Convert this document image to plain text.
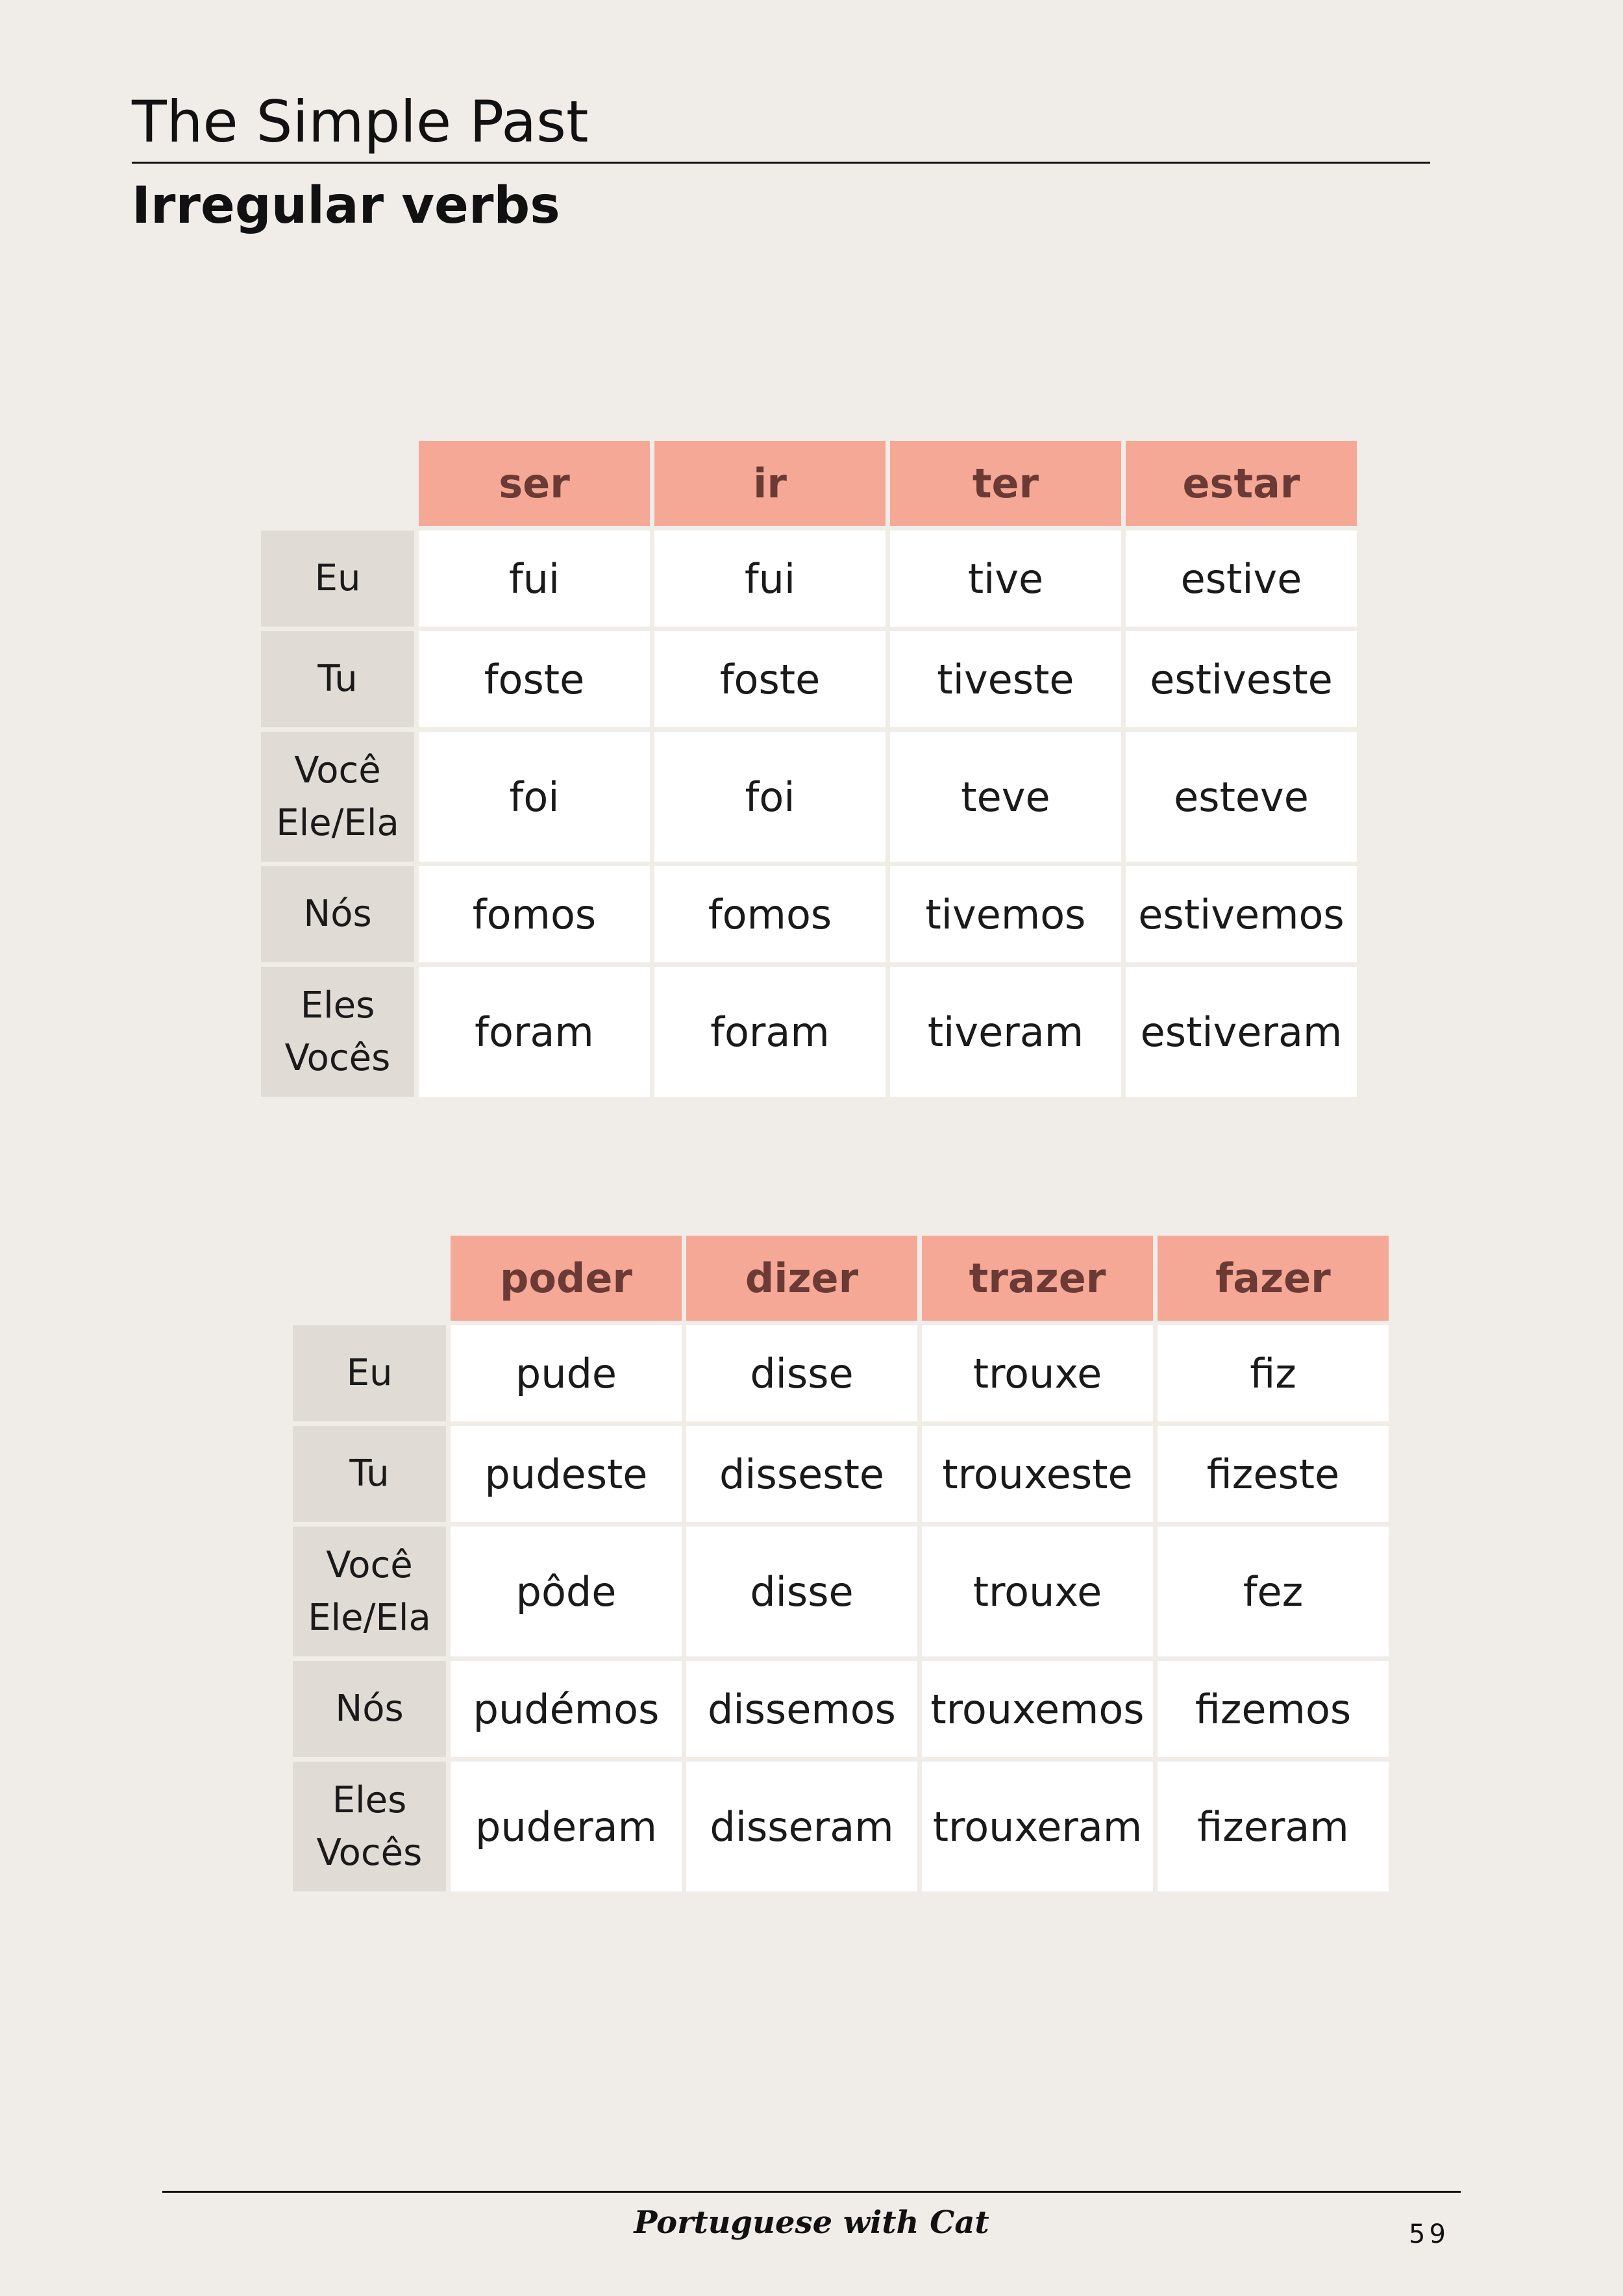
The Simple Past
Irregular verbs
	ser	ir	ter	estar
Eu	fui	fui	tive	estive
Tu	foste	foste	tiveste	estiveste
Você
Ele/Ela	foi	foi	teve	esteve
Nós	fomos	fomos	tivemos	estivemos
Eles
Vocês	foram	foram	tiveram	estiveram
	poder	dizer	trazer	fazer
Eu	pude	disse	trouxe	fiz
Tu	pudeste	disseste	trouxeste	fizeste
Você
Ele/Ela	pôde	disse	trouxe	fez
Nós	pudémos	dissemos	trouxemos	fizemos
Eles
Vocês	puderam	disseram	trouxeram	fizeram
Portuguese with Cat	59
